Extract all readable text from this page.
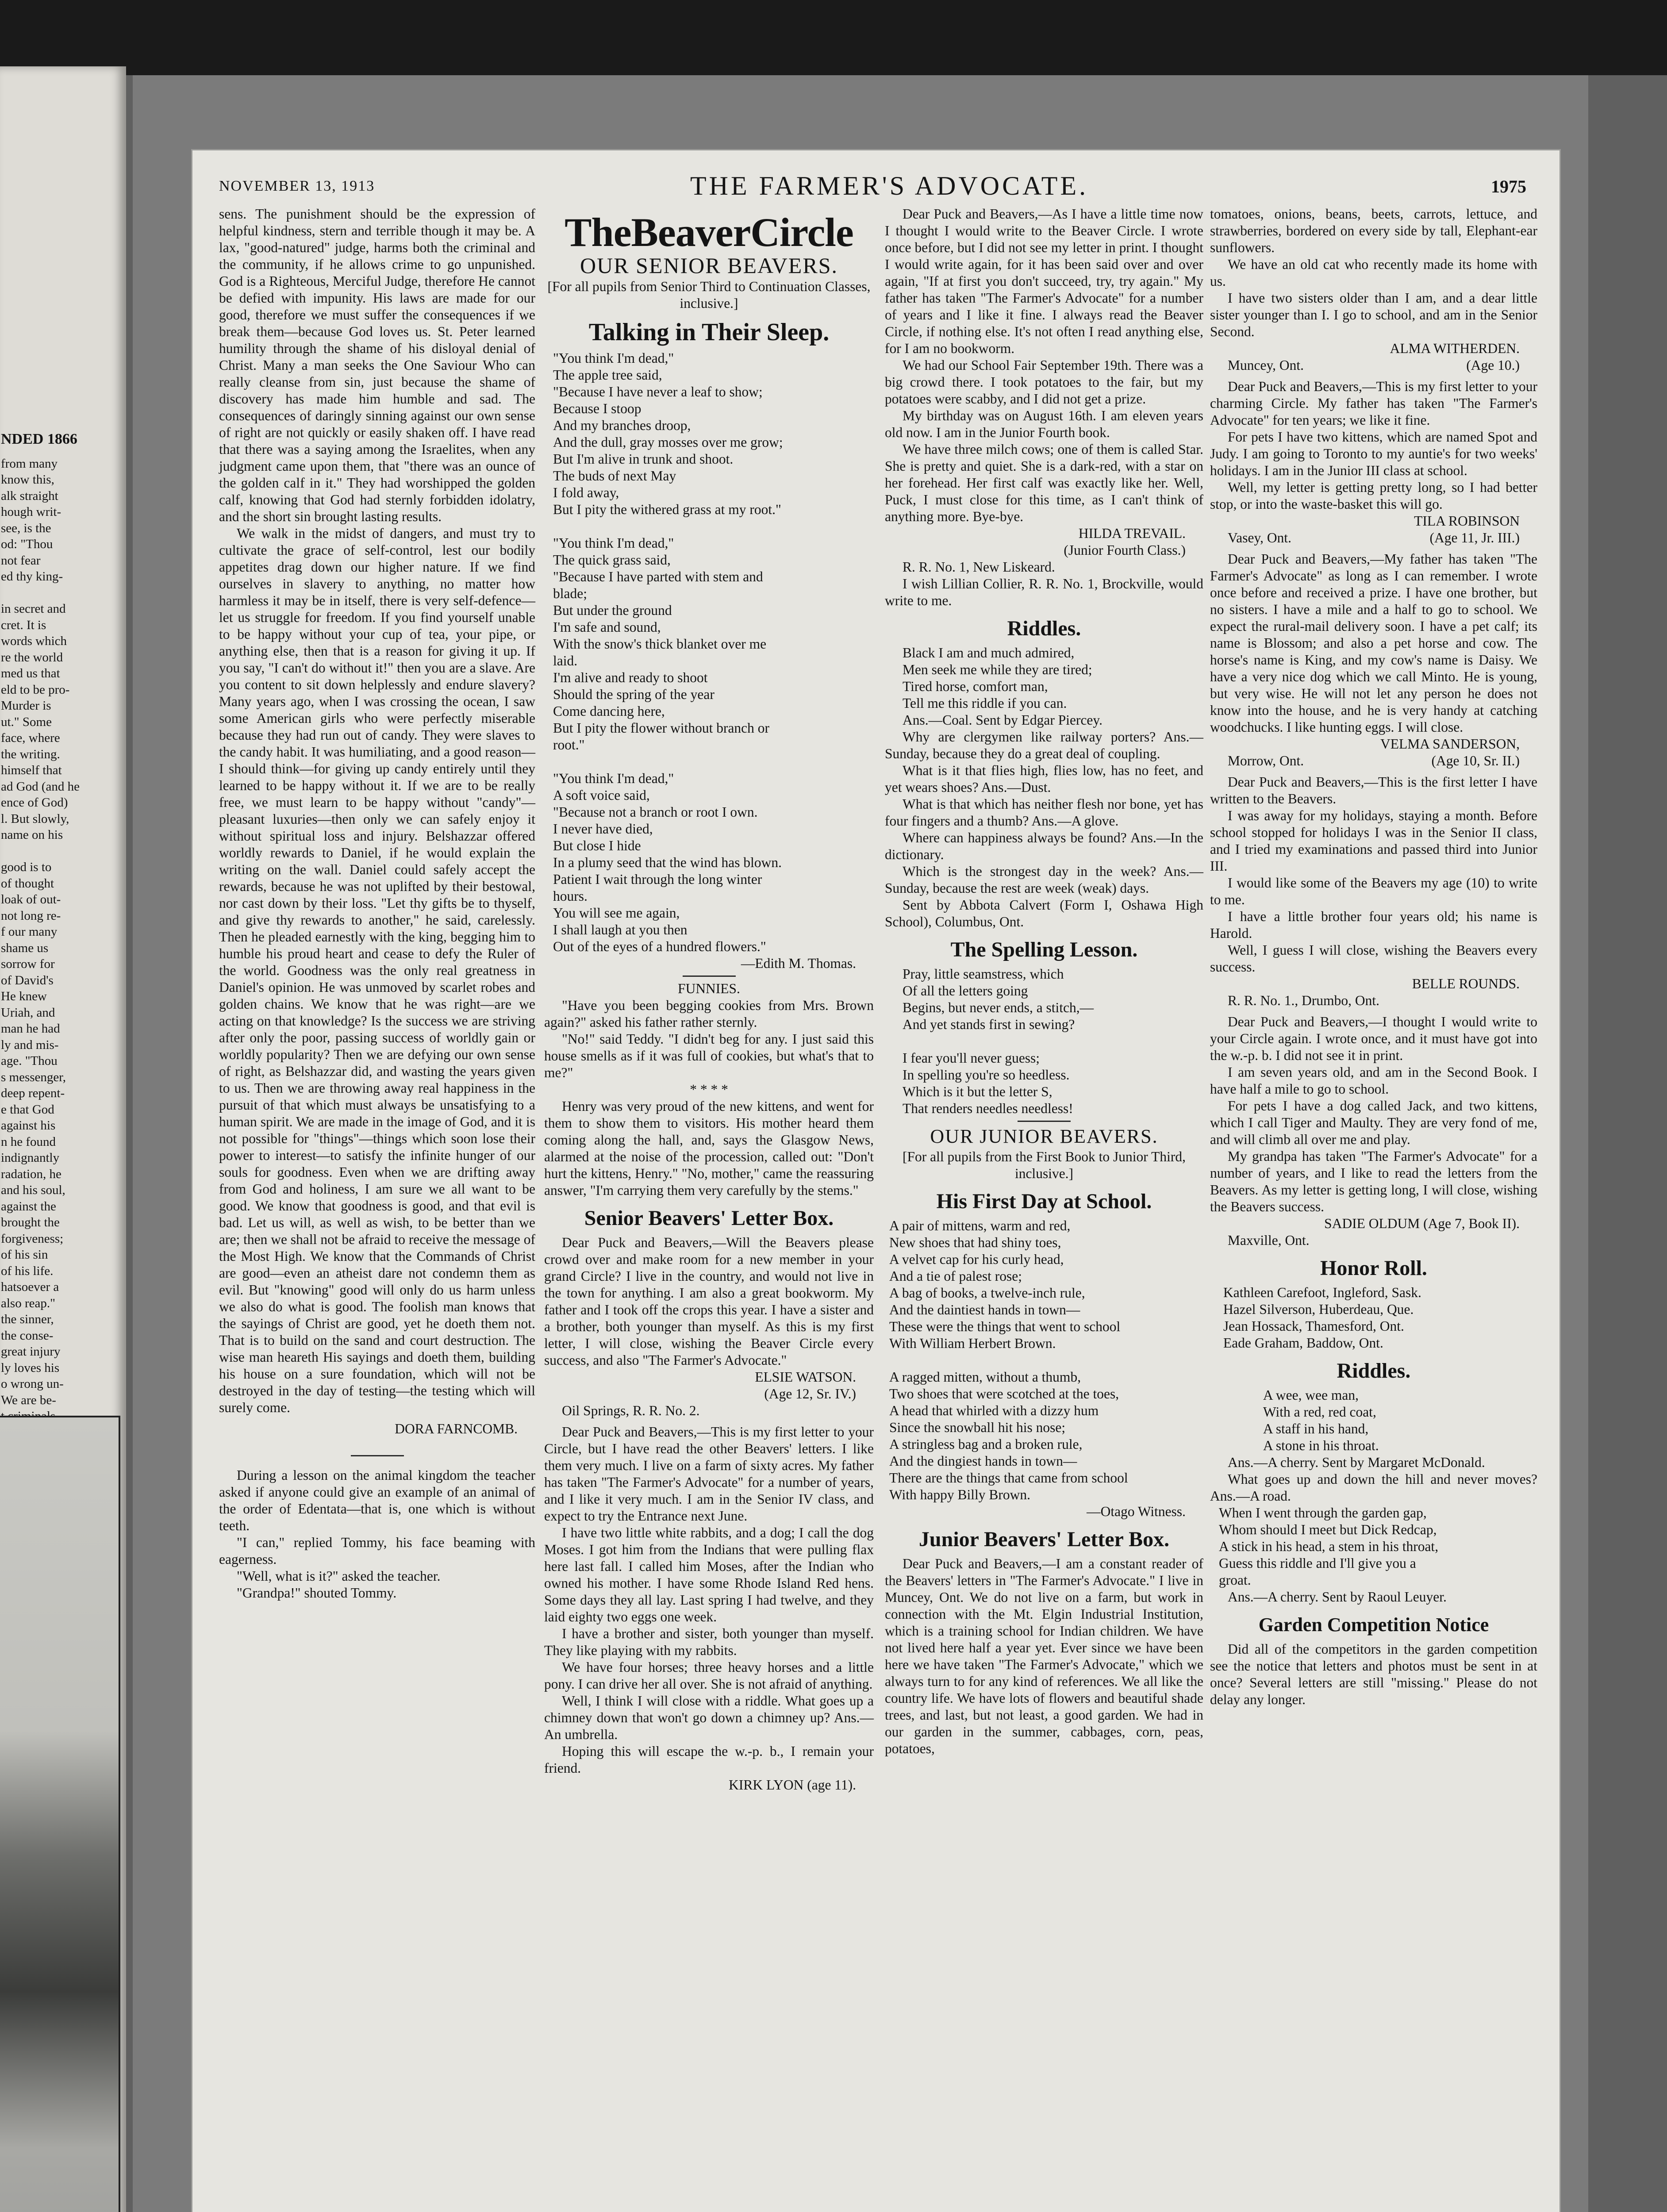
NDED 1866
from many
know this,
alk straight
hough writ-
see, is the
od: "Thou
not fear
ed thy king-
in secret and
cret. It is
words which
re the world
med us that
eld to be pro-
Murder is
ut." Some
face, where
the writing.
himself that
ad God (and he
ence of God)
l. But slowly,
name on his
good is to
of thought
loak of out-
not long re-
f our many
shame us
sorrow for
of David's
He knew
Uriah, and
man he had
ly and mis-
age. "Thou
s messenger,
deep repent-
e that God
against his
n he found
indignantly
radation, he
and his soul,
against the
brought the
forgiveness;
of his sin
of his life.
hatsoever a
also reap."
the sinner,
the conse-
great injury
ly loves his
o wrong un-
We are be-
NOVEMBER 13, 1913	THE FARMER'S ADVOCATE.	1975

sens. The punishment should be the expression of helpful kindness, stern and terrible though it may be. A lax, "good-natured" judge, harms both the criminal and the community, if he allows crime to go unpunished. God is a Righteous, Merciful Judge, therefore He cannot be defied with impunity. His laws are made for our good, therefore we must suffer the consequences if we break them—because God loves us. St. Peter learned humility through the shame of his disloyal denial of Christ. Many a man seeks the One Saviour Who can really cleanse from sin, just because the shame of discovery has made him humble and sad. The consequences of daringly sinning against our own sense of right are not quickly or easily shaken off. I have read that there was a saying among the Israelites, when any judgment came upon them, that "there was an ounce of the golden calf in it." They had worshipped the golden calf, knowing that God had sternly forbidden idolatry, and the short sin brought lasting results.

We walk in the midst of dangers, and must try to cultivate the grace of self-control, lest our bodily appetites drag down our higher nature. If we find ourselves in slavery to anything, no matter how harmless it may be in itself, there is very self-defence—let us struggle for freedom. If you find yourself unable to be happy without your cup of tea, your pipe, or anything else, then that is a reason for giving it up. If you say, "I can't do without it!" then you are a slave. Are you content to sit down helplessly and endure slavery? Many years ago, when I was crossing the ocean, I saw some American girls who were perfectly miserable because they had run out of candy. They were slaves to the candy habit. It was humiliating, and a good reason—I should think—for giving up candy entirely until they learned to be happy without it. If we are to be really free, we must learn to be happy without "candy"—pleasant luxuries—then only we can safely enjoy it without spiritual loss and injury. Belshazzar offered worldly rewards to Daniel, if he would explain the writing on the wall. Daniel could safely accept the rewards, because he was not uplifted by their bestowal, nor cast down by their loss. "Let thy gifts be to thyself, and give thy rewards to another," he said, carelessly. Then he pleaded earnestly with the king, begging him to humble his proud heart and cease to defy the Ruler of the world. Goodness was the only real greatness in Daniel's opinion. He was unmoved by scarlet robes and golden chains. We know that he was right—are we acting on that knowledge? Is the success we are striving after only the poor, passing success of worldly gain or worldly popularity? Then we are defying our own sense of right, as Belshazzar did, and wasting the years given to us. Then we are throwing away real happiness in the pursuit of that which must always be unsatisfying to a human spirit. We are made in the image of God, and it is not possible for "things"—things which soon lose their power to interest—to satisfy the infinite hunger of our souls for goodness. Even when we are drifting away from God and holiness, I am sure we all want to be good. We know that goodness is good, and that evil is bad. Let us will, as well as wish, to be better than we are; then we shall not be afraid to receive the message of the Most High. We know that the Commands of Christ are good—even an atheist dare not condemn them as evil. But "knowing" good will only do us harm unless we also do what is good. The foolish man knows that the sayings of Christ are good, yet he doeth them not. That is to build on the sand and court destruction. The wise man heareth His sayings and doeth them, building his house on a sure foundation, which will not be destroyed in the day of testing—the testing which will surely come.

DORA FARNCOMB.

During a lesson on the animal kingdom the teacher asked if anyone could give an example of an animal of the order of Edentata—that is, one which is without teeth.

"I can," replied Tommy, his face beaming with eagerness.

"Well, what is it?" asked the teacher.

"Grandpa!" shouted Tommy.

TheBeaverCircle
OUR SENIOR BEAVERS.

[For all pupils from Senior Third to Continuation Classes, inclusive.]

Talking in Their Sleep.

"You think I'm dead,"
The apple tree said,
"Because I have never a leaf to show;
Because I stoop
And my branches droop,
And the dull, gray mosses over me grow;
But I'm alive in trunk and shoot.
The buds of next May
I fold away,
But I pity the withered grass at my root."

"You think I'm dead,"
The quick grass said,
"Because I have parted with stem and
blade;
But under the ground
I'm safe and sound,
With the snow's thick blanket over me
laid.
I'm alive and ready to shoot
Should the spring of the year
Come dancing here,
But I pity the flower without branch or
root."

"You think I'm dead,"
A soft voice said,
"Because not a branch or root I own.
I never have died,
But close I hide
In a plumy seed that the wind has blown.
Patient I wait through the long winter
hours.
You will see me again,
I shall laugh at you then
Out of the eyes of a hundred flowers."

—Edith M. Thomas.

FUNNIES.

"Have you been begging cookies from Mrs. Brown again?" asked his father rather sternly.

"No!" said Teddy. "I didn't beg for any. I just said this house smells as if it was full of cookies, but what's that to me?"

* * * *

Henry was very proud of the new kittens, and went for them to show them to visitors. His mother heard them coming along the hall, and, says the Glasgow News, alarmed at the noise of the procession, called out: "Don't hurt the kittens, Henry." "No, mother," came the reassuring answer, "I'm carrying them very carefully by the stems."

Senior Beavers' Letter Box.

Dear Puck and Beavers,—Will the Beavers please crowd over and make room for a new member in your grand Circle? I live in the country, and would not live in the town for anything. I am also a great bookworm. My father and I took off the crops this year. I have a sister and a brother, both younger than myself. As this is my first letter, I will close, wishing the Beaver Circle every success, and also "The Farmer's Advocate."

ELSIE WATSON.

(Age 12, Sr. IV.)

Oil Springs, R. R. No. 2.

Dear Puck and Beavers,—This is my first letter to your Circle, but I have read the other Beavers' letters. I like them very much. I live on a farm of sixty acres. My father has taken "The Farmer's Advocate" for a number of years, and I like it very much. I am in the Senior IV class, and expect to try the Entrance next June.

I have two little white rabbits, and a dog; I call the dog Moses. I got him from the Indians that were pulling flax here last fall. I called him Moses, after the Indian who owned his mother. I have some Rhode Island Red hens. Some days they all lay. Last spring I had twelve, and they laid eighty two eggs one week.

I have a brother and sister, both younger than myself. They like playing with my rabbits.

We have four horses; three heavy horses and a little pony. I can drive her all over. She is not afraid of anything.

Well, I think I will close with a riddle. What goes up a chimney down that won't go down a chimney up? Ans.—An umbrella.

Hoping this will escape the w.-p. b., I remain your friend.

KIRK LYON (age 11).

Dear Puck and Beavers,—As I have a little time now I thought I would write to the Beaver Circle. I wrote once before, but I did not see my letter in print. I thought I would write again, for it has been said over and over again, "If at first you don't succeed, try, try again." My father has taken "The Farmer's Advocate" for a number of years and I like it fine. I always read the Beaver Circle, if nothing else. It's not often I read anything else, for I am no bookworm.

We had our School Fair September 19th. There was a big crowd there. I took potatoes to the fair, but my potatoes were scabby, and I did not get a prize.

My birthday was on August 16th. I am eleven years old now. I am in the Junior Fourth book.

We have three milch cows; one of them is called Star. She is pretty and quiet. She is a dark-red, with a star on her forehead. Her first calf was exactly like her. Well, Puck, I must close for this time, as I can't think of anything more. Bye-bye.

HILDA TREVAIL.

(Junior Fourth Class.)

R. R. No. 1, New Liskeard.

I wish Lillian Collier, R. R. No. 1, Brockville, would write to me.

Riddles.

Black I am and much admired,
Men seek me while they are tired;
Tired horse, comfort man,
Tell me this riddle if you can.

Ans.—Coal. Sent by Edgar Piercey.

Why are clergymen like railway porters? Ans.—Sunday, because they do a great deal of coupling.

What is it that flies high, flies low, has no feet, and yet wears shoes? Ans.—Dust.

What is that which has neither flesh nor bone, yet has four fingers and a thumb? Ans.—A glove.

Where can happiness always be found? Ans.—In the dictionary.

Which is the strongest day in the week? Ans.—Sunday, because the rest are week (weak) days.

Sent by Abbota Calvert (Form I, Oshawa High School), Columbus, Ont.

The Spelling Lesson.

Pray, little seamstress, which
Of all the letters going
Begins, but never ends, a stitch,—
And yet stands first in sewing?

I fear you'll never guess;
In spelling you're so heedless.
Which is it but the letter S,
That renders needles needless!

OUR JUNIOR BEAVERS.

[For all pupils from the First Book to Junior Third, inclusive.]

His First Day at School.

A pair of mittens, warm and red,
New shoes that had shiny toes,
A velvet cap for his curly head,
And a tie of palest rose;
A bag of books, a twelve-inch rule,
And the daintiest hands in town—
These were the things that went to school
With William Herbert Brown.

A ragged mitten, without a thumb,
Two shoes that were scotched at the toes,
A head that whirled with a dizzy hum
Since the snowball hit his nose;
A stringless bag and a broken rule,
And the dingiest hands in town—
There are the things that came from school
With happy Billy Brown.

—Otago Witness.

Junior Beavers' Letter Box.

Dear Puck and Beavers,—I am a constant reader of the Beavers' letters in "The Farmer's Advocate." I live in Muncey, Ont. We do not live on a farm, but work in connection with the Mt. Elgin Industrial Institution, which is a training school for Indian children. We have not lived here half a year yet. Ever since we have been here we have taken "The Farmer's Advocate," which we always turn to for any kind of references. We all like the country life. We have lots of flowers and beautiful shade trees, and last, but not least, a good garden. We had in our garden in the summer, cabbages, corn, peas, potatoes,

tomatoes, onions, beans, beets, carrots, lettuce, and strawberries, bordered on every side by tall, Elephant-ear sunflowers.

We have an old cat who recently made its home with us.

I have two sisters older than I am, and a dear little sister younger than I. I go to school, and am in the Senior Second.

ALMA WITHERDEN.

Muncey, Ont.	(Age 10.)

Dear Puck and Beavers,—This is my first letter to your charming Circle. My father has taken "The Farmer's Advocate" for ten years; we like it fine.

For pets I have two kittens, which are named Spot and Judy. I am going to Toronto to my auntie's for two weeks' holidays. I am in the Junior III class at school.

Well, my letter is getting pretty long, so I had better stop, or into the waste-basket this will go.

TILA ROBINSON

Vasey, Ont.	(Age 11, Jr. III.)

Dear Puck and Beavers,—My father has taken "The Farmer's Advocate" as long as I can remember. I wrote once before and received a prize. I have one brother, but no sisters. I have a mile and a half to go to school. We expect the rural-mail delivery soon. I have a pet calf; its name is Blossom; and also a pet horse and cow. The horse's name is King, and my cow's name is Daisy. We have a very nice dog which we call Minto. He is young, but very wise. He will not let any person he does not know into the house, and he is very handy at catching woodchucks. I like hunting eggs. I will close.

VELMA SANDERSON,

Morrow, Ont.	(Age 10, Sr. II.)

Dear Puck and Beavers,—This is the first letter I have written to the Beavers.

I was away for my holidays, staying a month. Before school stopped for holidays I was in the Senior II class, and I tried my examinations and passed third into Junior III.

I would like some of the Beavers my age (10) to write to me.

I have a little brother four years old; his name is Harold.

Well, I guess I will close, wishing the Beavers every success.

BELLE ROUNDS.

R. R. No. 1., Drumbo, Ont.

Dear Puck and Beavers,—I thought I would write to your Circle again. I wrote once, and it must have got into the w.-p. b. I did not see it in print.

I am seven years old, and am in the Second Book. I have half a mile to go to school.

For pets I have a dog called Jack, and two kittens, which I call Tiger and Maulty. They are very fond of me, and will climb all over me and play.

My grandpa has taken "The Farmer's Advocate" for a number of years, and I like to read the letters from the Beavers. As my letter is getting long, I will close, wishing the Beavers success.

SADIE OLDUM (Age 7, Book II).

Maxville, Ont.

Honor Roll.

Kathleen Carefoot, Ingleford, Sask.
Hazel Silverson, Huberdeau, Que.
Jean Hossack, Thamesford, Ont.
Eade Graham, Baddow, Ont.

Riddles.

A wee, wee man,
With a red, red coat,
A staff in his hand,
A stone in his throat.

Ans.—A cherry. Sent by Margaret McDonald.

What goes up and down the hill and never moves? Ans.—A road.

When I went through the garden gap,
Whom should I meet but Dick Redcap,
A stick in his head, a stem in his throat,
Guess this riddle and I'll give you a
groat.

Ans.—A cherry. Sent by Raoul Leuyer.

Garden Competition Notice

Did all of the competitors in the garden competition see the notice that letters and photos must be sent in at once? Several letters are still "missing." Please do not delay any longer.
